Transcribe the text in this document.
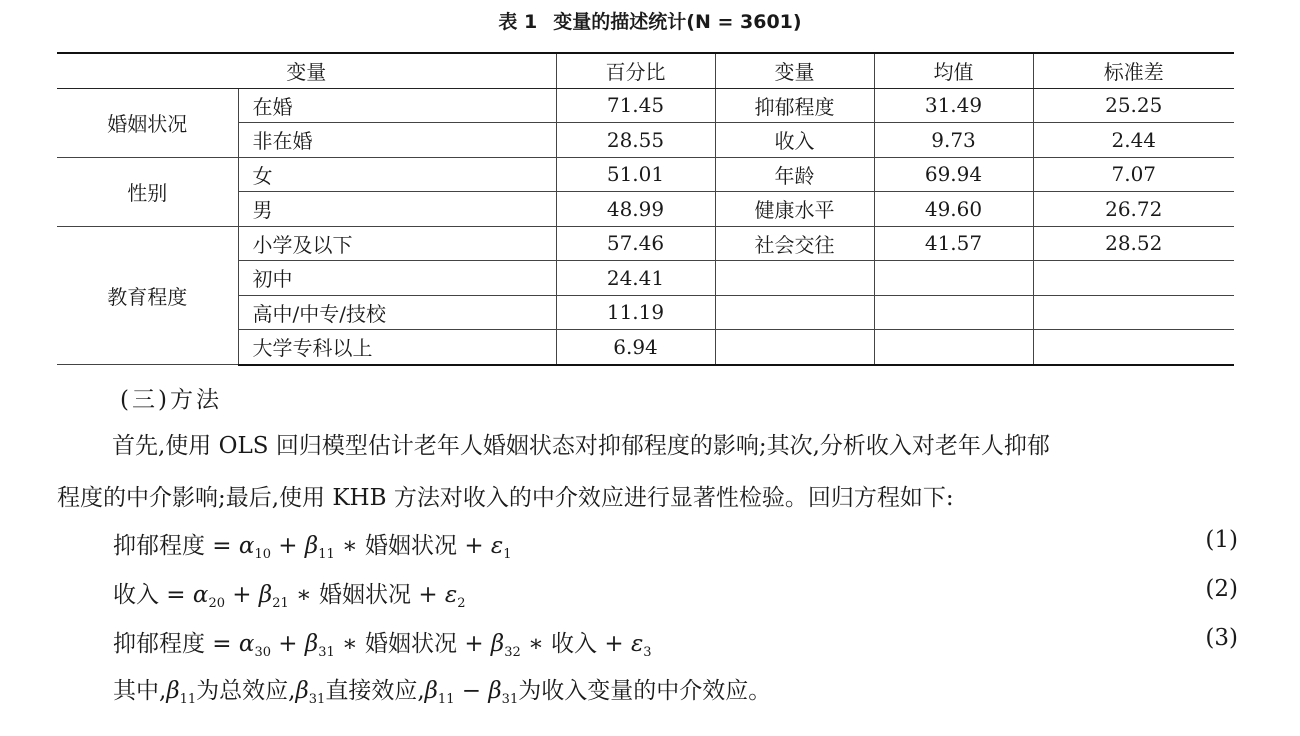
表 1 变量的描述统计(N = 3601)
变量		百分比	变量	均值	标准差
婚姻状况	在婚	71.45	抑郁程度	31.49	25.25
	非在婚	28.55	收入	9.73	2.44
性别	女	51.01	年龄	69.94	7.07
	男	48.99	健康水平	49.60	26.72
教育程度	小学及以下	57.46	社会交往	41.57	28.52
	初中	24.41			
	高中/中专/技校	11.19			
	大学专科以上	6.94			
(三)方法
首先,使用 OLS 回归模型估计老年人婚姻状态对抑郁程度的影响;其次,分析收入对老年人抑郁
程度的中介影响;最后,使用 KHB 方法对收入的中介效应进行显著性检验。回归方程如下:
抑郁程度 = $\alpha_{10} + \beta_{11}$ ∗ 婚姻状况 + $\varepsilon_1$
(1)
收入 = $\alpha_{20} + \beta_{21}$ ∗ 婚姻状况 + $\varepsilon_2$
(2)
抑郁程度 = $\alpha_{30} + \beta_{31}$ ∗ 婚姻状况 + $\beta_{32}$ ∗ 收入 + $\varepsilon_3$
(3)
其中$,\beta_{11}$为总效应$,\beta_{31}$直接效应$,\beta_{11} - \beta_{31}$为收入变量的中介效应。
